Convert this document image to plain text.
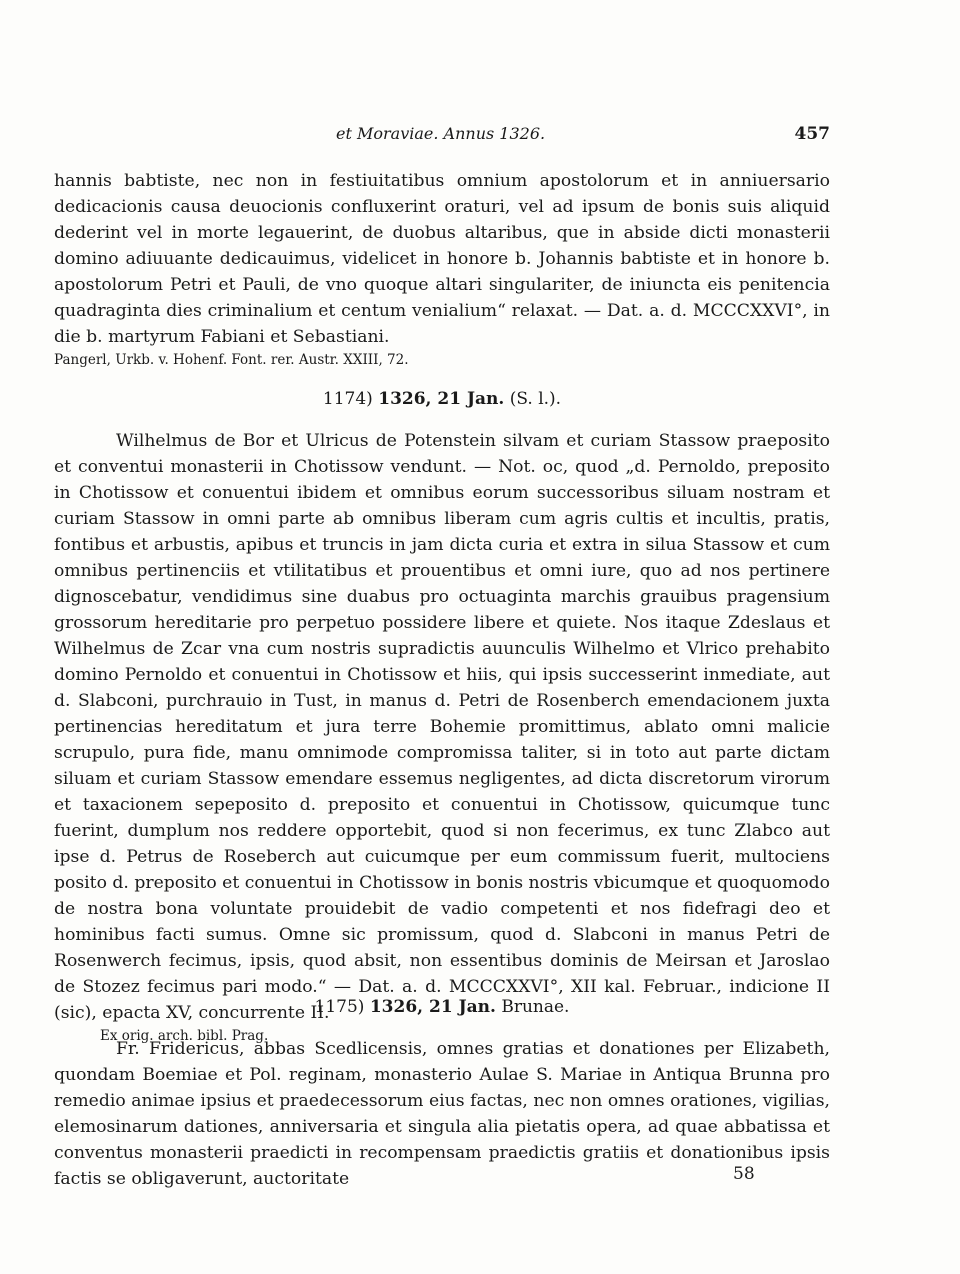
et Moraviae. Annus 1326.	457

hannis babtiste, nec non in festiuitatibus omnium apostolorum et in anniuersario dedicacionis causa deuocionis confluxerint oraturi, vel ad ipsum de bonis suis aliquid dederint vel in morte legauerint, de duobus altaribus, que in abside dicti monasterii domino adiuuante dedicauimus, videlicet in honore b. Johannis babtiste et in honore b. apostolorum Petri et Pauli, de vno quoque altari singulariter, de iniuncta eis penitencia quadraginta dies criminalium et centum venialium“ relaxat. — Dat. a. d. MCCCXXVI°, in die b. martyrum Fabiani et Sebastiani.

Pangerl, Urkb. v. Hohenf. Font. rer. Austr. XXIII, 72.

1174) 1326, 21 Jan. (S. l.).

Wilhelmus de Bor et Ulricus de Potenstein silvam et curiam Stassow praeposito et conventui monasterii in Chotissow vendunt. — Not. oc, quod „d. Pernoldo, preposito in Chotissow et conuentui ibidem et omnibus eorum successoribus siluam nostram et curiam Stassow in omni parte ab omnibus liberam cum agris cultis et incultis, pratis, fontibus et arbustis, apibus et truncis in jam dicta curia et extra in silua Stassow et cum omnibus pertinenciis et vtilitatibus et prouentibus et omni iure, quo ad nos pertinere dignoscebatur, vendidimus sine duabus pro octuaginta marchis grauibus pragensium grossorum hereditarie pro perpetuo possidere libere et quiete. Nos itaque Zdeslaus et Wilhelmus de Zcar vna cum nostris supradictis auunculis Wilhelmo et Vlrico prehabito domino Pernoldo et conuentui in Chotissow et hiis, qui ipsis successerint inmediate, aut d. Slabconi, purchrauio in Tust, in manus d. Petri de Rosenberch emendacionem juxta pertinencias hereditatum et jura terre Bohemie promittimus, ablato omni malicie scrupulo, pura fide, manu omnimode compromissa taliter, si in toto aut parte dictam siluam et curiam Stassow emendare essemus negligentes, ad dicta discretorum virorum et taxacionem sepeposito d. preposito et conuentui in Chotissow, quicumque tunc fuerint, dumplum nos reddere opportebit, quod si non fecerimus, ex tunc Zlabco aut ipse d. Petrus de Roseberch aut cuicumque per eum commissum fuerit, multociens posito d. preposito et conuentui in Chotissow in bonis nostris vbicumque et quoquomodo de nostra bona voluntate prouidebit de vadio competenti et nos fidefragi deo et hominibus facti sumus. Omne sic promissum, quod d. Slabconi in manus Petri de Rosenwerch fecimus, ipsis, quod absit, non essentibus dominis de Meirsan et Jaroslao de Stozez fecimus pari modo.“ — Dat. a. d. MCCCXXVI°, XII kal. Februar., indicione II (sic), epacta XV, concurrente II.

Ex orig. arch. bibl. Prag.

1175) 1326, 21 Jan. Brunae.

Fr. Fridericus, abbas Scedlicensis, omnes gratias et donationes per Elizabeth, quondam Boemiae et Pol. reginam, monasterio Aulae S. Mariae in Antiqua Brunna pro remedio animae ipsius et praedecessorum eius factas, nec non omnes orationes, vigilias, elemosinarum dationes, anniversaria et singula alia pietatis opera, ad quae abbatissa et conventus monasterii praedicti in recompensam praedictis gratiis et donationibus ipsis factis se obligaverunt, auctoritate	58
